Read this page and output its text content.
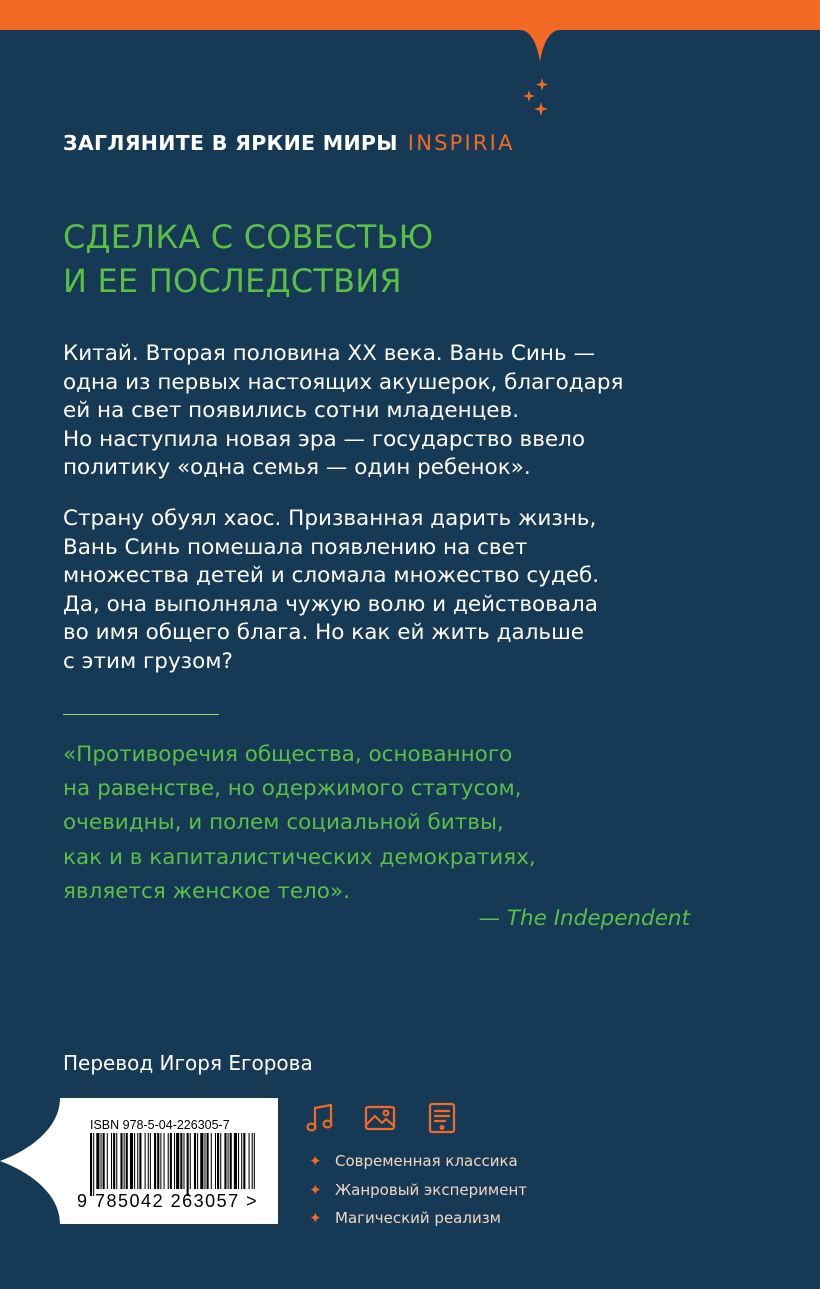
ЗАГЛЯНИТЕ В ЯРКИЕ МИРЫ INSPIRIA
СДЕЛКА С СОВЕСТЬЮ
И ЕЕ ПОСЛЕДСТВИЯ
Китай. Вторая половина XX века. Вань Синь —
одна из первых настоящих акушерок, благодаря
ей на свет появились сотни младенцев.
Но наступила новая эра — государство ввело
политику «одна семья — один ребенок».
Страну обуял хаос. Призванная дарить жизнь,
Вань Синь помешала появлению на свет
множества детей и сломала множество судеб.
Да, она выполняла чужую волю и действовала
во имя общего блага. Но как ей жить дальше
с этим грузом?
«Противоречия общества, основанного
на равенстве, но одержимого статусом,
очевидны, и полем социальной битвы,
как и в капиталистических демократиях,
является женское тело».
— The Independent
Перевод Игоря Егорова
ISBN 978-5-04-226305-7
9 785042 263057 >
✦ Современная классика
✦ Жанровый эксперимент
✦ Магический реализм
